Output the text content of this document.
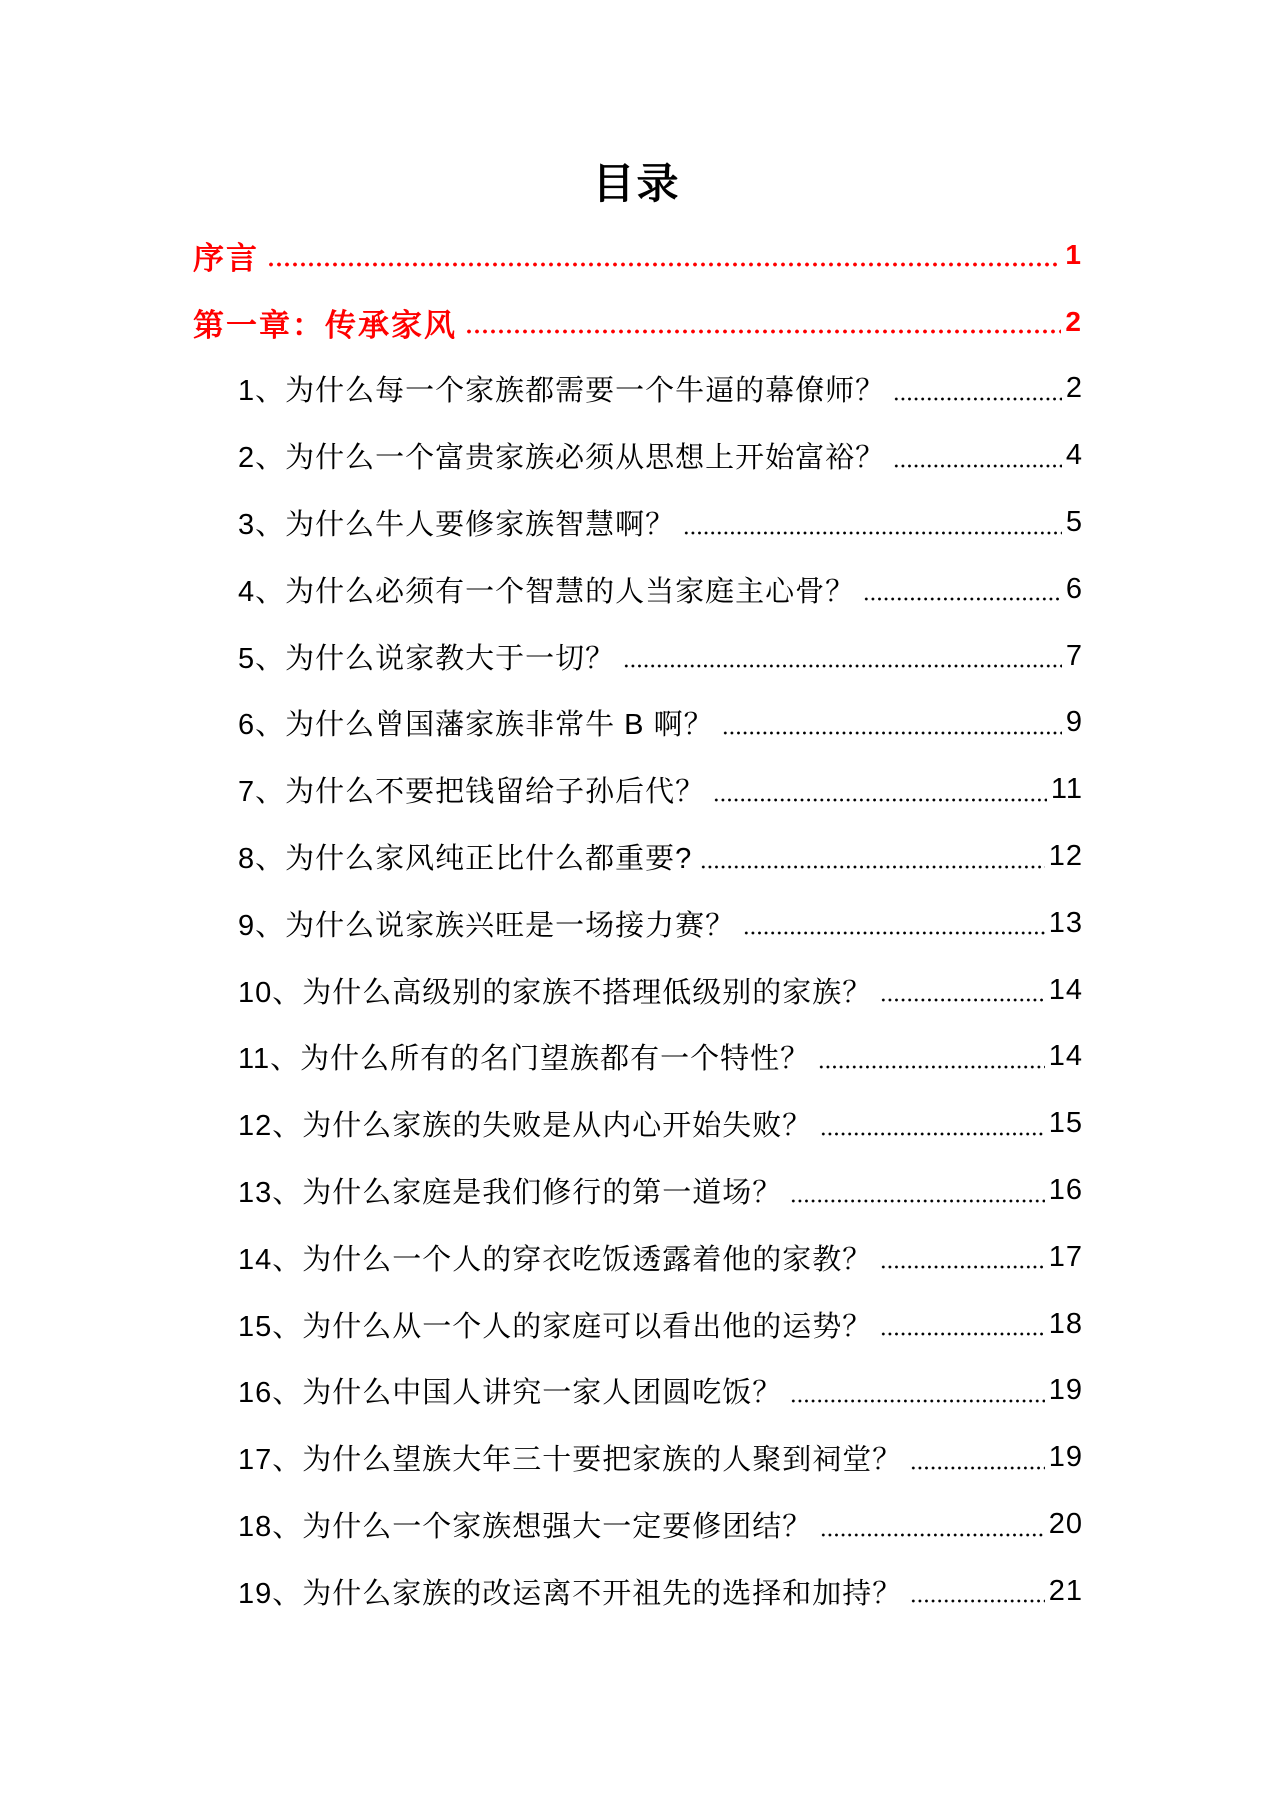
目录
序言	1
第一章：传承家风	2
1、为什么每一个家族都需要一个牛逼的幕僚师？	2
2、为什么一个富贵家族必须从思想上开始富裕？	4
3、为什么牛人要修家族智慧啊？	5
4、为什么必须有一个智慧的人当家庭主心骨？	6
5、为什么说家教大于一切？	7
6、为什么曾国藩家族非常牛 B 啊？	9
7、为什么不要把钱留给子孙后代？	11
8、为什么家风纯正比什么都重要?	12
9、为什么说家族兴旺是一场接力赛？	13
10、为什么高级别的家族不搭理低级别的家族？	14
11、为什么所有的名门望族都有一个特性？	14
12、为什么家族的失败是从内心开始失败？	15
13、为什么家庭是我们修行的第一道场？	16
14、为什么一个人的穿衣吃饭透露着他的家教？	17
15、为什么从一个人的家庭可以看出他的运势？	18
16、为什么中国人讲究一家人团圆吃饭？	19
17、为什么望族大年三十要把家族的人聚到祠堂？	19
18、为什么一个家族想强大一定要修团结？	20
19、为什么家族的改运离不开祖先的选择和加持？	21
